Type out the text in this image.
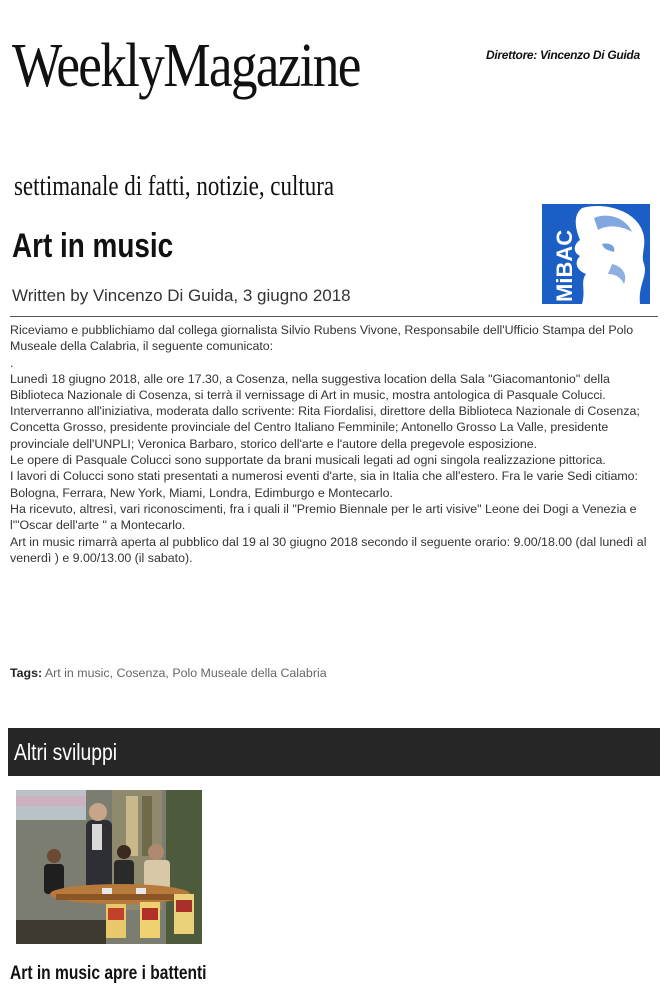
WeeklyMagazine	Direttore: Vincenzo Di Guida
settimanale di fatti, notizie, cultura
Art in music
Written by Vincenzo Di Guida, 3 giugno 2018	MiBAC

Riceviamo e pubblichiamo dal collega giornalista Silvio Rubens Vivone, Responsabile dell'Ufficio Stampa del Polo Museale della Calabria, il seguente comunicato:

.

Lunedì 18 giugno 2018, alle ore 17.30, a Cosenza, nella suggestiva location della Sala "Giacomantonio" della Biblioteca Nazionale di Cosenza, si terrà il vernissage di Art in music, mostra antologica di Pasquale Colucci.

Interverranno all'iniziativa, moderata dallo scrivente: Rita Fiordalisi, direttore della Biblioteca Nazionale di Cosenza; Concetta Grosso, presidente provinciale del Centro Italiano Femminile; Antonello Grosso La Valle, presidente provinciale dell'UNPLI; Veronica Barbaro, storico dell'arte e l'autore della pregevole esposizione.

Le opere di Pasquale Colucci sono supportate da brani musicali legati ad ogni singola realizzazione pittorica.

I lavori di Colucci sono stati presentati a numerosi eventi d'arte, sia in Italia che all'estero. Fra le varie Sedi citiamo: Bologna, Ferrara, New York, Miami, Londra, Edimburgo e Montecarlo.

Ha ricevuto, altresì, vari riconoscimenti, fra i quali il "Premio Biennale per le arti visive" Leone dei Dogi a Venezia e l'"Oscar dell'arte " a Montecarlo.

Art in music rimarrà aperta al pubblico dal 19 al 30 giugno 2018 secondo il seguente orario: 9.00/18.00 (dal lunedì al venerdì ) e 9.00/13.00 (il sabato).

Tags: Art in music, Cosenza, Polo Museale della Calabria
Altri sviluppi
Art in music apre i battenti
